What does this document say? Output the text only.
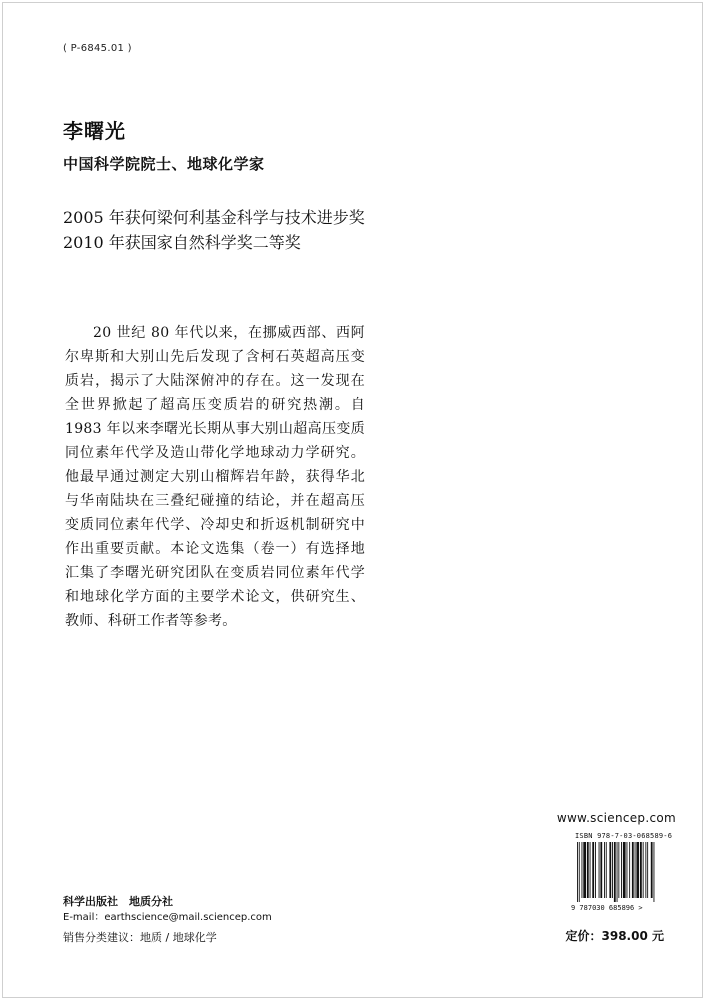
( P-6845.01 )
李曙光
中国科学院院士、地球化学家
2005 年获何梁何利基金科学与技术进步奖
2010 年获国家自然科学奖二等奖
20 世纪 80 年代以来，在挪威西部、西阿尔卑斯和大别山先后发现了含柯石英超高压变质岩，揭示了大陆深俯冲的存在。这一发现在全世界掀起了超高压变质岩的研究热潮。自 1983 年以来李曙光长期从事大别山超高压变质同位素年代学及造山带化学地球动力学研究。他最早通过测定大别山榴辉岩年龄，获得华北与华南陆块在三叠纪碰撞的结论，并在超高压变质同位素年代学、冷却史和折返机制研究中作出重要贡献。本论文选集（卷一）有选择地汇集了李曙光研究团队在变质岩同位素年代学和地球化学方面的主要学术论文，供研究生、教师、科研工作者等参考。
www.sciencep.com
ISBN 978-7-03-068589-6
9 787030 685896 >
定价：398.00 元
科学出版社　地质分社
E-mail：earthscience@mail.sciencep.com
销售分类建议：地质 / 地球化学
